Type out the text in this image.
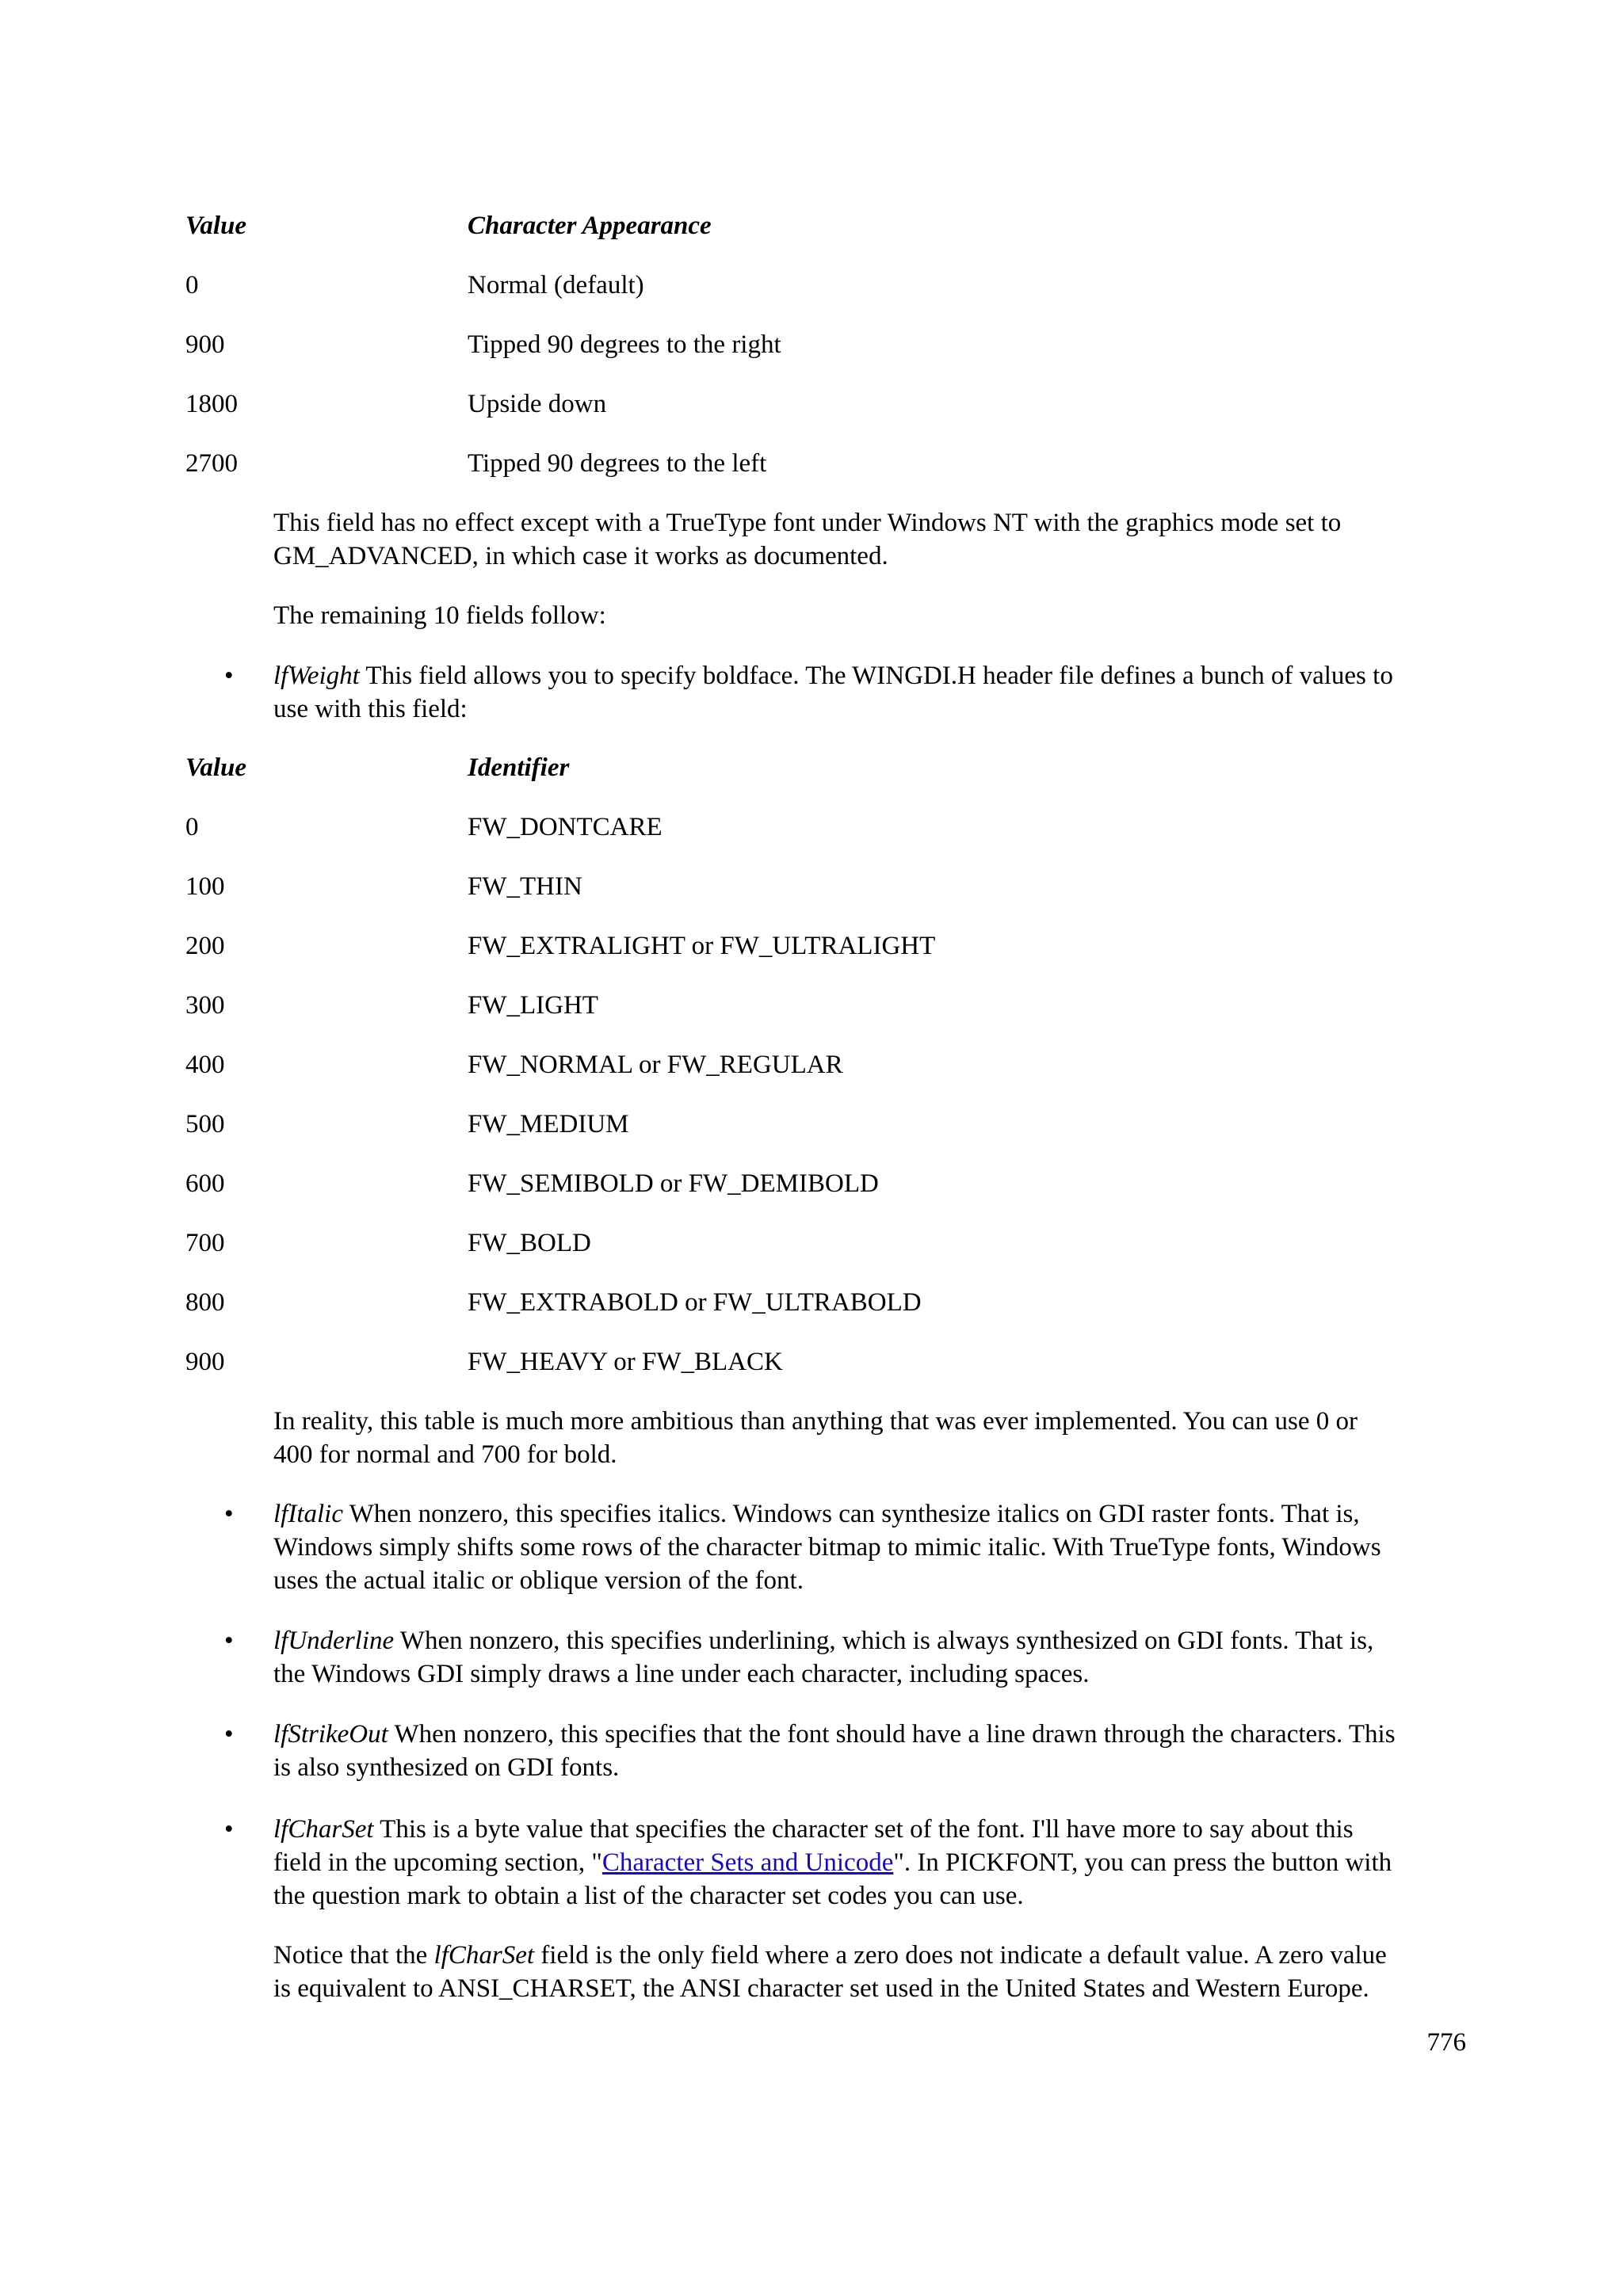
Value	Character Appearance
0	Normal (default)
900	Tipped 90 degrees to the right
1800	Upside down
2700	Tipped 90 degrees to the left
This field has no effect except with a TrueType font under Windows NT with the graphics mode set to
GM_ADVANCED, in which case it works as documented.
The remaining 10 fields follow:
• lfWeight This field allows you to specify boldface. The WINGDI.H header file defines a bunch of values to
use with this field:
Value	Identifier
0	FW_DONTCARE
100	FW_THIN
200	FW_EXTRALIGHT or FW_ULTRALIGHT
300	FW_LIGHT
400	FW_NORMAL or FW_REGULAR
500	FW_MEDIUM
600	FW_SEMIBOLD or FW_DEMIBOLD
700	FW_BOLD
800	FW_EXTRABOLD or FW_ULTRABOLD
900	FW_HEAVY or FW_BLACK
In reality, this table is much more ambitious than anything that was ever implemented. You can use 0 or
400 for normal and 700 for bold.
• lfItalic When nonzero, this specifies italics. Windows can synthesize italics on GDI raster fonts. That is,
Windows simply shifts some rows of the character bitmap to mimic italic. With TrueType fonts, Windows
uses the actual italic or oblique version of the font.
• lfUnderline When nonzero, this specifies underlining, which is always synthesized on GDI fonts. That is,
the Windows GDI simply draws a line under each character, including spaces.
• lfStrikeOut When nonzero, this specifies that the font should have a line drawn through the characters. This
is also synthesized on GDI fonts.
• lfCharSet This is a byte value that specifies the character set of the font. I'll have more to say about this
field in the upcoming section, "Character Sets and Unicode". In PICKFONT, you can press the button with
the question mark to obtain a list of the character set codes you can use.
Notice that the lfCharSet field is the only field where a zero does not indicate a default value. A zero value
is equivalent to ANSI_CHARSET, the ANSI character set used in the United States and Western Europe.
776
